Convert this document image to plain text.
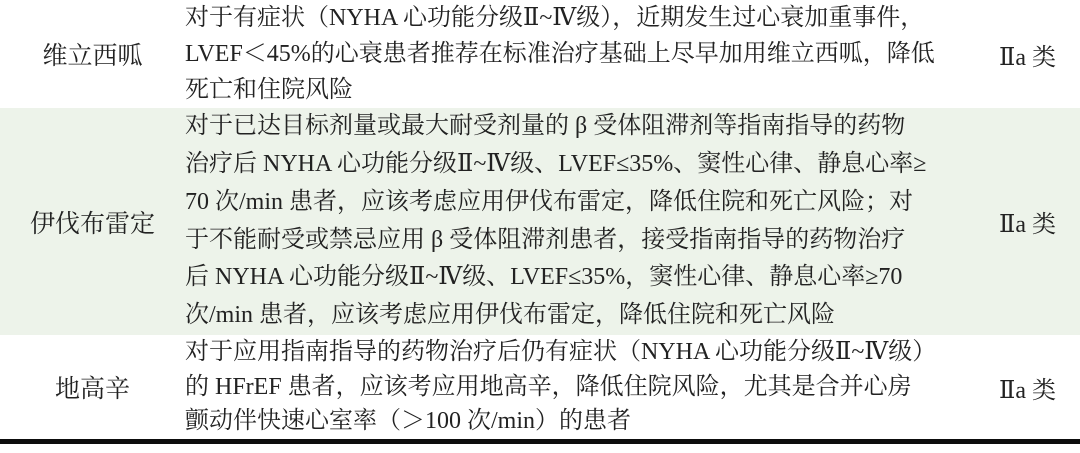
维立西呱
对于有症状（NYHA 心功能分级Ⅱ~Ⅳ级），近期发生过心衰加重事件，
LVEF＜45%的心衰患者推荐在标准治疗基础上尽早加用维立西呱，降低
死亡和住院风险
Ⅱa 类
伊伐布雷定
对于已达目标剂量或最大耐受剂量的 β 受体阻滞剂等指南指导的药物
治疗后 NYHA 心功能分级Ⅱ~Ⅳ级、LVEF≤35%、窦性心律、静息心率≥
70 次/min 患者，应该考虑应用伊伐布雷定，降低住院和死亡风险；对
于不能耐受或禁忌应用 β 受体阻滞剂患者，接受指南指导的药物治疗
后 NYHA 心功能分级Ⅱ~Ⅳ级、LVEF≤35%，窦性心律、静息心率≥70
次/min 患者，应该考虑应用伊伐布雷定，降低住院和死亡风险
Ⅱa 类
地高辛
对于应用指南指导的药物治疗后仍有症状（NYHA 心功能分级Ⅱ~Ⅳ级）
的 HFrEF 患者，应该考应用地高辛，降低住院风险，尤其是合并心房
颤动伴快速心室率（＞100 次/min）的患者
Ⅱa 类
